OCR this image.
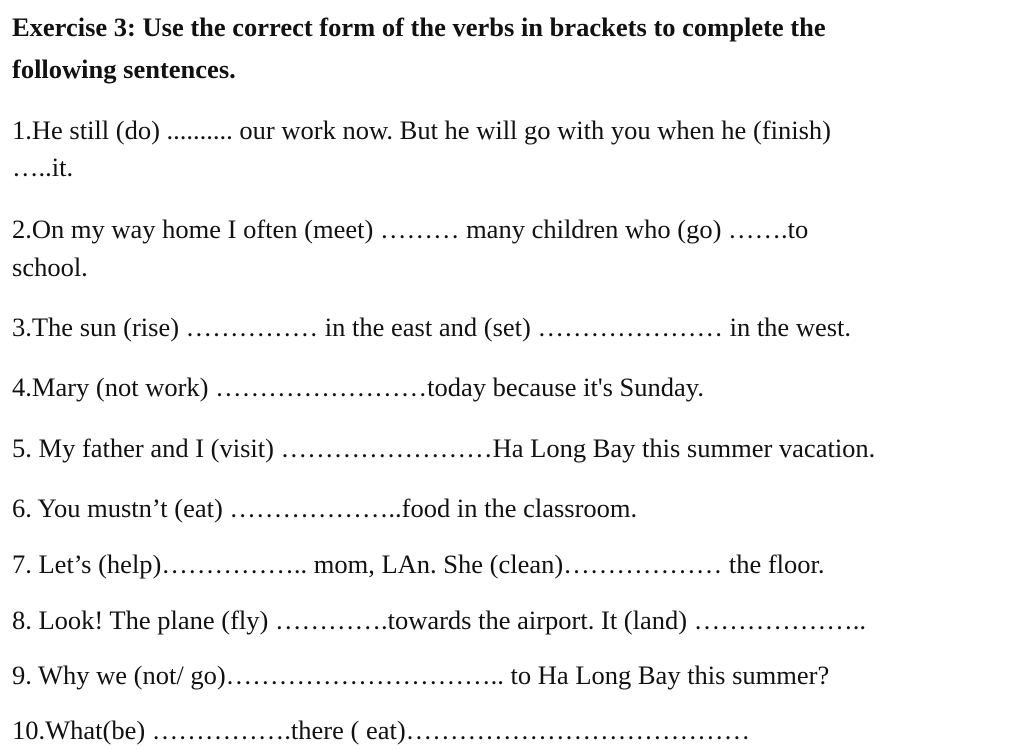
Exercise 3: Use the correct form of the verbs in brackets to complete the
following sentences.
1.He still (do) .......... our work now. But he will go with you when he (finish)
…..it.
2.On my way home I often (meet) ……… many children who (go) …….to
school.
3.The sun (rise) …………… in the east and (set) ………………… in the west.
4.Mary (not work) ……………………today because it's Sunday.
5. My father and I (visit) ……………………Ha Long Bay this summer vacation.
6. You mustn’t (eat) ………………..food in the classroom.
7. Let’s (help)…………….. mom, LAn. She (clean)……………… the floor.
8. Look! The plane (fly) ………….towards the airport. It (land) ………………..
9. Why we (not/ go)………………………….. to Ha Long Bay this summer?
10.What(be) …………….there ( eat)…………………………………
